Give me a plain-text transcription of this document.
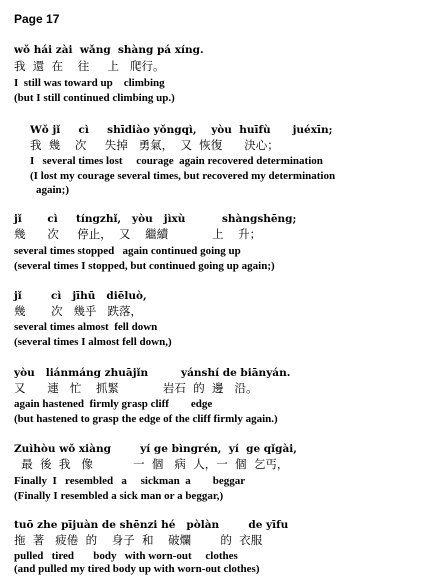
Page 17
wǒ hái zài  wǎng  shàng pá xíng.
我  還  在    往     上   爬行。
I  still was toward up    climbing
(but I still continued climbing up.)
Wǒ jǐ     cì     shīdiào yǒngqì,    yòu  huīfù      juéxīn;
我  幾    次     失掉   勇氣，  又  恢復      決心；
I   several times lost     courage  again recovered determination
(I lost my courage several times, but recovered my determination
again;)
jǐ       cì     tíngzhǐ,   yòu   jìxù          shàngshēng;
幾      次     停止，  又    繼續            上    升；
several times stopped   again continued going up
(several times I stopped, but continued going up again;)
jǐ        cì   jīhū   diēluò,
幾       次   幾乎   跌落，
several times almost  fell down
(several times I almost fell down,)
yòu   liánmáng zhuājǐn         yánshí de biānyán.
又      連   忙    抓緊            岩石  的  邊   沿。
again hastened  firmly grasp cliff        edge
(but hastened to grasp the edge of the cliff firmly again.)
Zuìhòu wǒ xiàng        yí ge bìngrén,  yí  ge qǐgài,
最  後  我   像           一  個   病  人，一  個  乞丐，
Finally  I   resembled   a     sickman  a        beggar
(Finally I resembled a sick man or a beggar,)
tuō zhe pījuàn de shēnzi hé   pòlàn        de yīfu
拖  著   疲倦  的    身子  和    破爛        的  衣服
pulled   tired       body   with worn-out     clothes
(and pulled my tired body up with worn-out clothes)
